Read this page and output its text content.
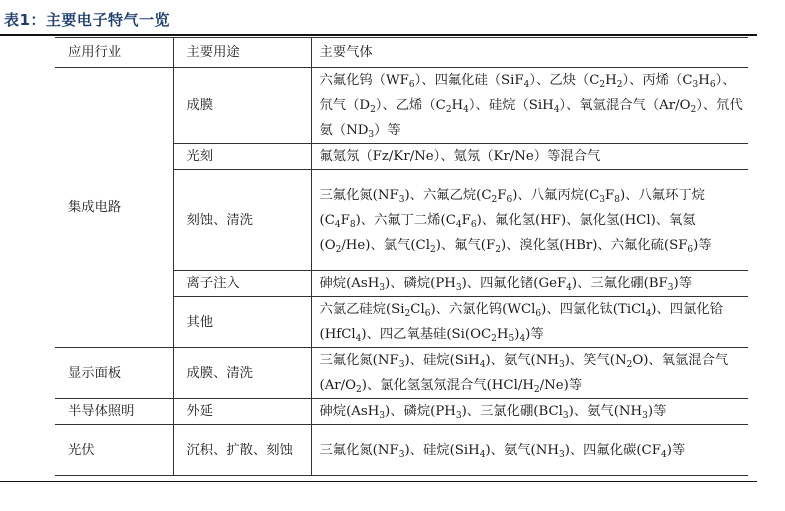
表1：主要电子特气一览
应用行业	主要用途	主要气体
集成电路	成膜	六氟化钨$(WF_6)$、四氟化硅（SiF$_4$）、乙炔$(C_2H_2)$、丙烯$(C_3H_6)$、氘气$(D_2)$、乙烯$(C_2H_4)$、硅烷（SiH$_4$）、氧氩混合气$(Ar/O_2)$、氘代氨$(ND_3)$等
	光刻	氟氪氖（Fz/Kr/Ne）、氪氖（Kr/Ne）等混合气
	刻蚀、清洗	三氟化氮$(NF_3)$、六氟乙烷$(C_2F_6)$、八氟丙烷$(C_3F_8)$、八氟环丁烷$(C_4F_8)$、六氟丁二烯$(C_4F_6)$、氟化氢(HF)、氯化氢(HCl)、氧氦$(O_2/He)$、氯气$(Cl_2)$、氟气$(F_2)$、溴化氢(HBr)、六氟化硫$(SF_6)$等
	离子注入	砷烷(AsH$_3$)、磷烷$(PH_3)$、四氟化锗(GeF$_4$)、三氟化硼$(BF_3)$等
	其他	六氯乙硅烷$(Si_2Cl_6)$、六氯化钨(WCl$_6$)、四氯化钛(TiCl$_4$)、四氯化铪(HfCl$_4$)、四乙氧基硅$(Si(OC_2H_5)_4)$等
显示面板	成膜、清洗	三氟化氮$(NF_3)$、硅烷(SiH$_4$)、氨气$(NH_3)$、笑气$(N_2O)$、氧氩混合气$(Ar/O_2)$、氯化氢氢氖混合气$(HCl/H_2/Ne)$等
半导体照明	外延	砷烷(AsH$_3$)、磷烷$(PH_3)$、三氯化硼(BCl$_3$)、氨气$(NH_3)$等
光伏	沉积、扩散、刻蚀	三氟化氮$(NF_3)$、硅烷(SiH$_4$)、氨气$(NH_3)$、四氟化碳$(CF_4)$等
